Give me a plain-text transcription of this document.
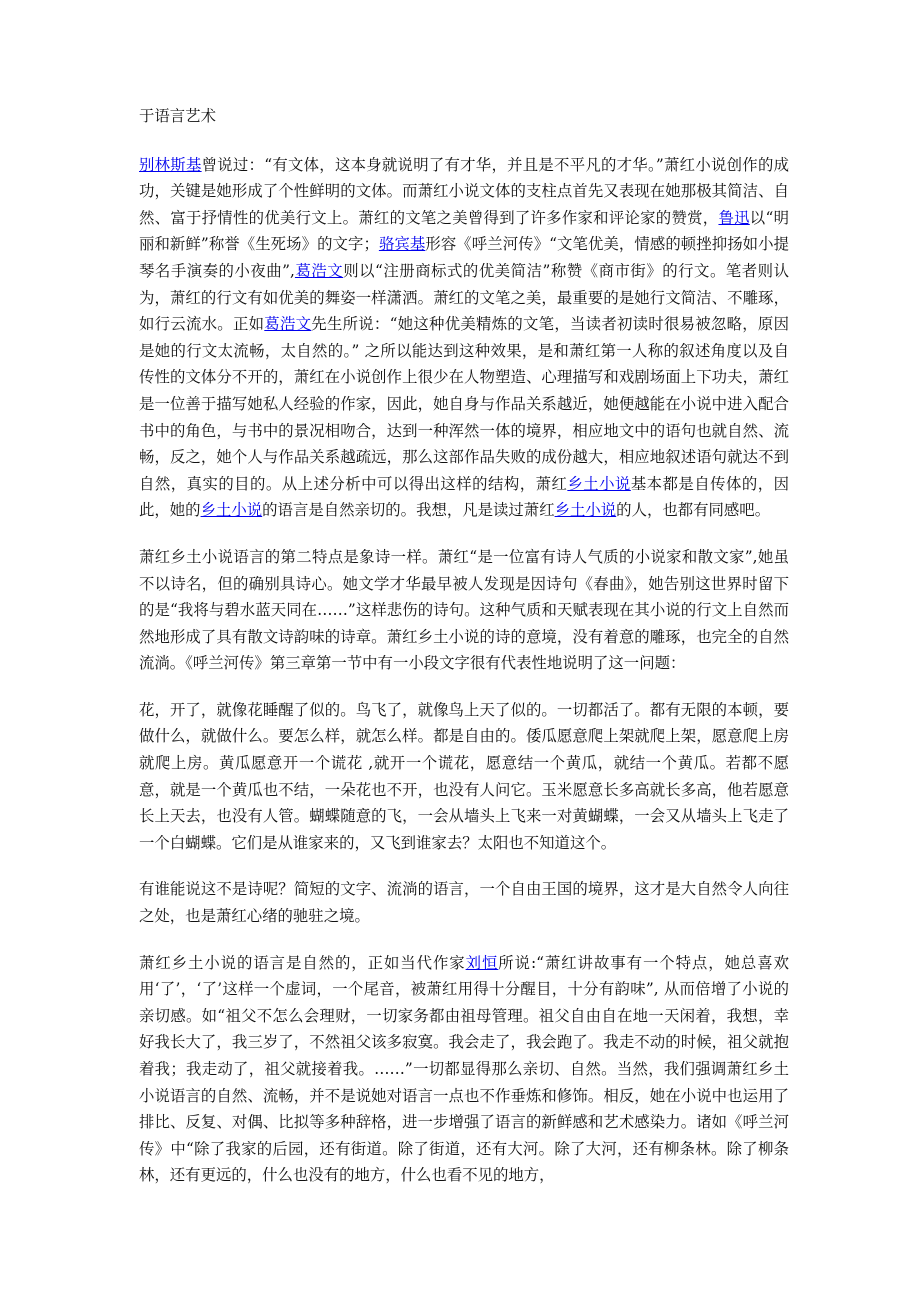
于语言艺术

别林斯基曾说过：“有文体，这本身就说明了有才华，并且是不平凡的才华。”萧红小说创作的成功，关键是她形成了个性鲜明的文体。而萧红小说文体的支柱点首先又表现在她那极其简洁、自然、富于抒情性的优美行文上。萧红的文笔之美曾得到了许多作家和评论家的赞赏，鲁迅以“明丽和新鲜”称誉《生死场》的文字；骆宾基形容《呼兰河传》“文笔优美，情感的顿挫抑扬如小提琴名手演奏的小夜曲”,葛浩文则以“注册商标式的优美简洁”称赞《商市街》的行文。笔者则认为，萧红的行文有如优美的舞姿一样潇洒。萧红的文笔之美，最重要的是她行文简洁、不雕琢，如行云流水。正如葛浩文先生所说：“她这种优美精炼的文笔，当读者初读时很易被忽略，原因是她的行文太流畅，太自然的。” 之所以能达到这种效果，是和萧红第一人称的叙述角度以及自传性的文体分不开的，萧红在小说创作上很少在人物塑造、心理描写和戏剧场面上下功夫，萧红是一位善于描写她私人经验的作家，因此，她自身与作品关系越近，她便越能在小说中进入配合书中的角色，与书中的景况相吻合，达到一种浑然一体的境界，相应地文中的语句也就自然、流畅，反之，她个人与作品关系越疏远，那么这部作品失败的成份越大，相应地叙述语句就达不到自然，真实的目的。从上述分析中可以得出这样的结构，萧红乡土小说基本都是自传体的，因此，她的乡土小说的语言是自然亲切的。我想，凡是读过萧红乡土小说的人，也都有同感吧。

萧红乡土小说语言的第二特点是象诗一样。萧红“是一位富有诗人气质的小说家和散文家”,她虽不以诗名，但的确别具诗心。她文学才华最早被人发现是因诗句《春曲》，她告别这世界时留下的是“我将与碧水蓝天同在……”这样悲伤的诗句。这种气质和天赋表现在其小说的行文上自然而然地形成了具有散文诗韵味的诗章。萧红乡土小说的诗的意境，没有着意的雕琢，也完全的自然流淌。《呼兰河传》第三章第一节中有一小段文字很有代表性地说明了这一问题：

花，开了，就像花睡醒了似的。鸟飞了，就像鸟上天了似的。一切都活了。都有无限的本顿，要做什么，就做什么。要怎么样，就怎么样。都是自由的。倭瓜愿意爬上架就爬上架，愿意爬上房就爬上房。黄瓜愿意开一个谎花 ,就开一个谎花，愿意结一个黄瓜，就结一个黄瓜。若都不愿意，就是一个黄瓜也不结，一朵花也不开，也没有人问它。玉米愿意长多高就长多高，他若愿意长上天去，也没有人管。蝴蝶随意的飞，一会从墙头上飞来一对黄蝴蝶，一会又从墙头上飞走了一个白蝴蝶。它们是从谁家来的，又飞到谁家去？太阳也不知道这个。

有谁能说这不是诗呢？简短的文字、流淌的语言，一个自由王国的境界，这才是大自然令人向往之处，也是萧红心绪的驰驻之境。

萧红乡土小说的语言是自然的，正如当代作家刘恒所说:“萧红讲故事有一个特点，她总喜欢用‘了’，‘了’这样一个虚词，一个尾音，被萧红用得十分醒目，十分有韵味”, 从而倍增了小说的亲切感。如“祖父不怎么会理财，一切家务都由祖母管理。祖父自由自在地一天闲着，我想，幸好我长大了，我三岁了，不然祖父该多寂寞。我会走了，我会跑了。我走不动的时候，祖父就抱着我；我走动了，祖父就接着我。……”一切都显得那么亲切、自然。当然，我们强调萧红乡土小说语言的自然、流畅，并不是说她对语言一点也不作垂炼和修饰。相反，她在小说中也运用了排比、反复、对偶、比拟等多种辞格，进一步增强了语言的新鲜感和艺术感染力。诸如《呼兰河传》中“除了我家的后园，还有街道。除了街道，还有大河。除了大河，还有柳条林。除了柳条林，还有更远的，什么也没有的地方，什么也看不见的地方，
